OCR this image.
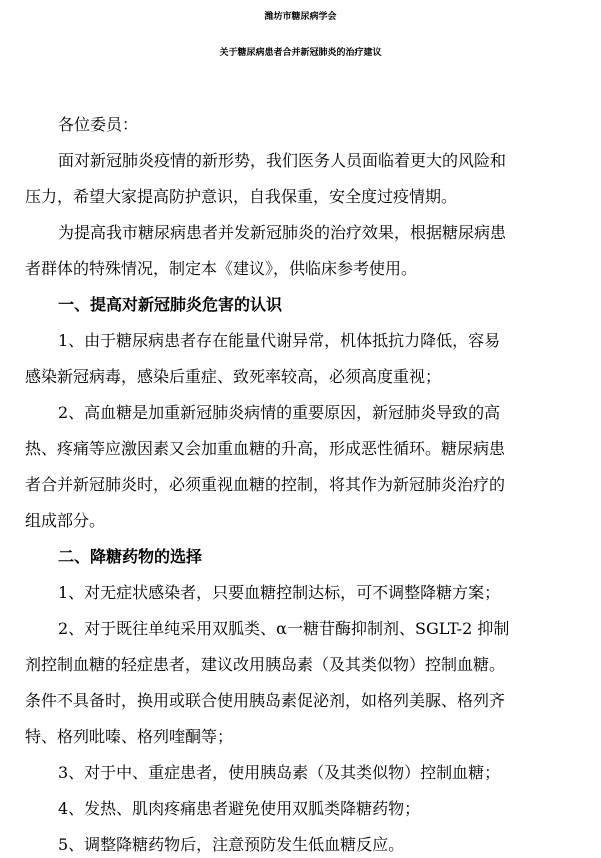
潍坊市糖尿病学会
关于糖尿病患者合并新冠肺炎的治疗建议
各位委员：
面对新冠肺炎疫情的新形势，我们医务人员面临着更大的风险和
压力，希望大家提高防护意识，自我保重，安全度过疫情期。
为提高我市糖尿病患者并发新冠肺炎的治疗效果，根据糖尿病患
者群体的特殊情况，制定本《建议》，供临床参考使用。
一、提高对新冠肺炎危害的认识
1、由于糖尿病患者存在能量代谢异常，机体抵抗力降低，容易
感染新冠病毒，感染后重症、致死率较高，必须高度重视；
2、高血糖是加重新冠肺炎病情的重要原因，新冠肺炎导致的高
热、疼痛等应激因素又会加重血糖的升高，形成恶性循环。糖尿病患
者合并新冠肺炎时，必须重视血糖的控制，将其作为新冠肺炎治疗的
组成部分。
二、降糖药物的选择
1、对无症状感染者，只要血糖控制达标，可不调整降糖方案；
2、对于既往单纯采用双胍类、α一糖苷酶抑制剂、SGLT-2 抑制
剂控制血糖的轻症患者，建议改用胰岛素（及其类似物）控制血糖。
条件不具备时，换用或联合使用胰岛素促泌剂，如格列美脲、格列齐
特、格列吡嗪、格列喹酮等；
3、对于中、重症患者，使用胰岛素（及其类似物）控制血糖；
4、发热、肌肉疼痛患者避免使用双胍类降糖药物；
5、调整降糖药物后，注意预防发生低血糖反应。
